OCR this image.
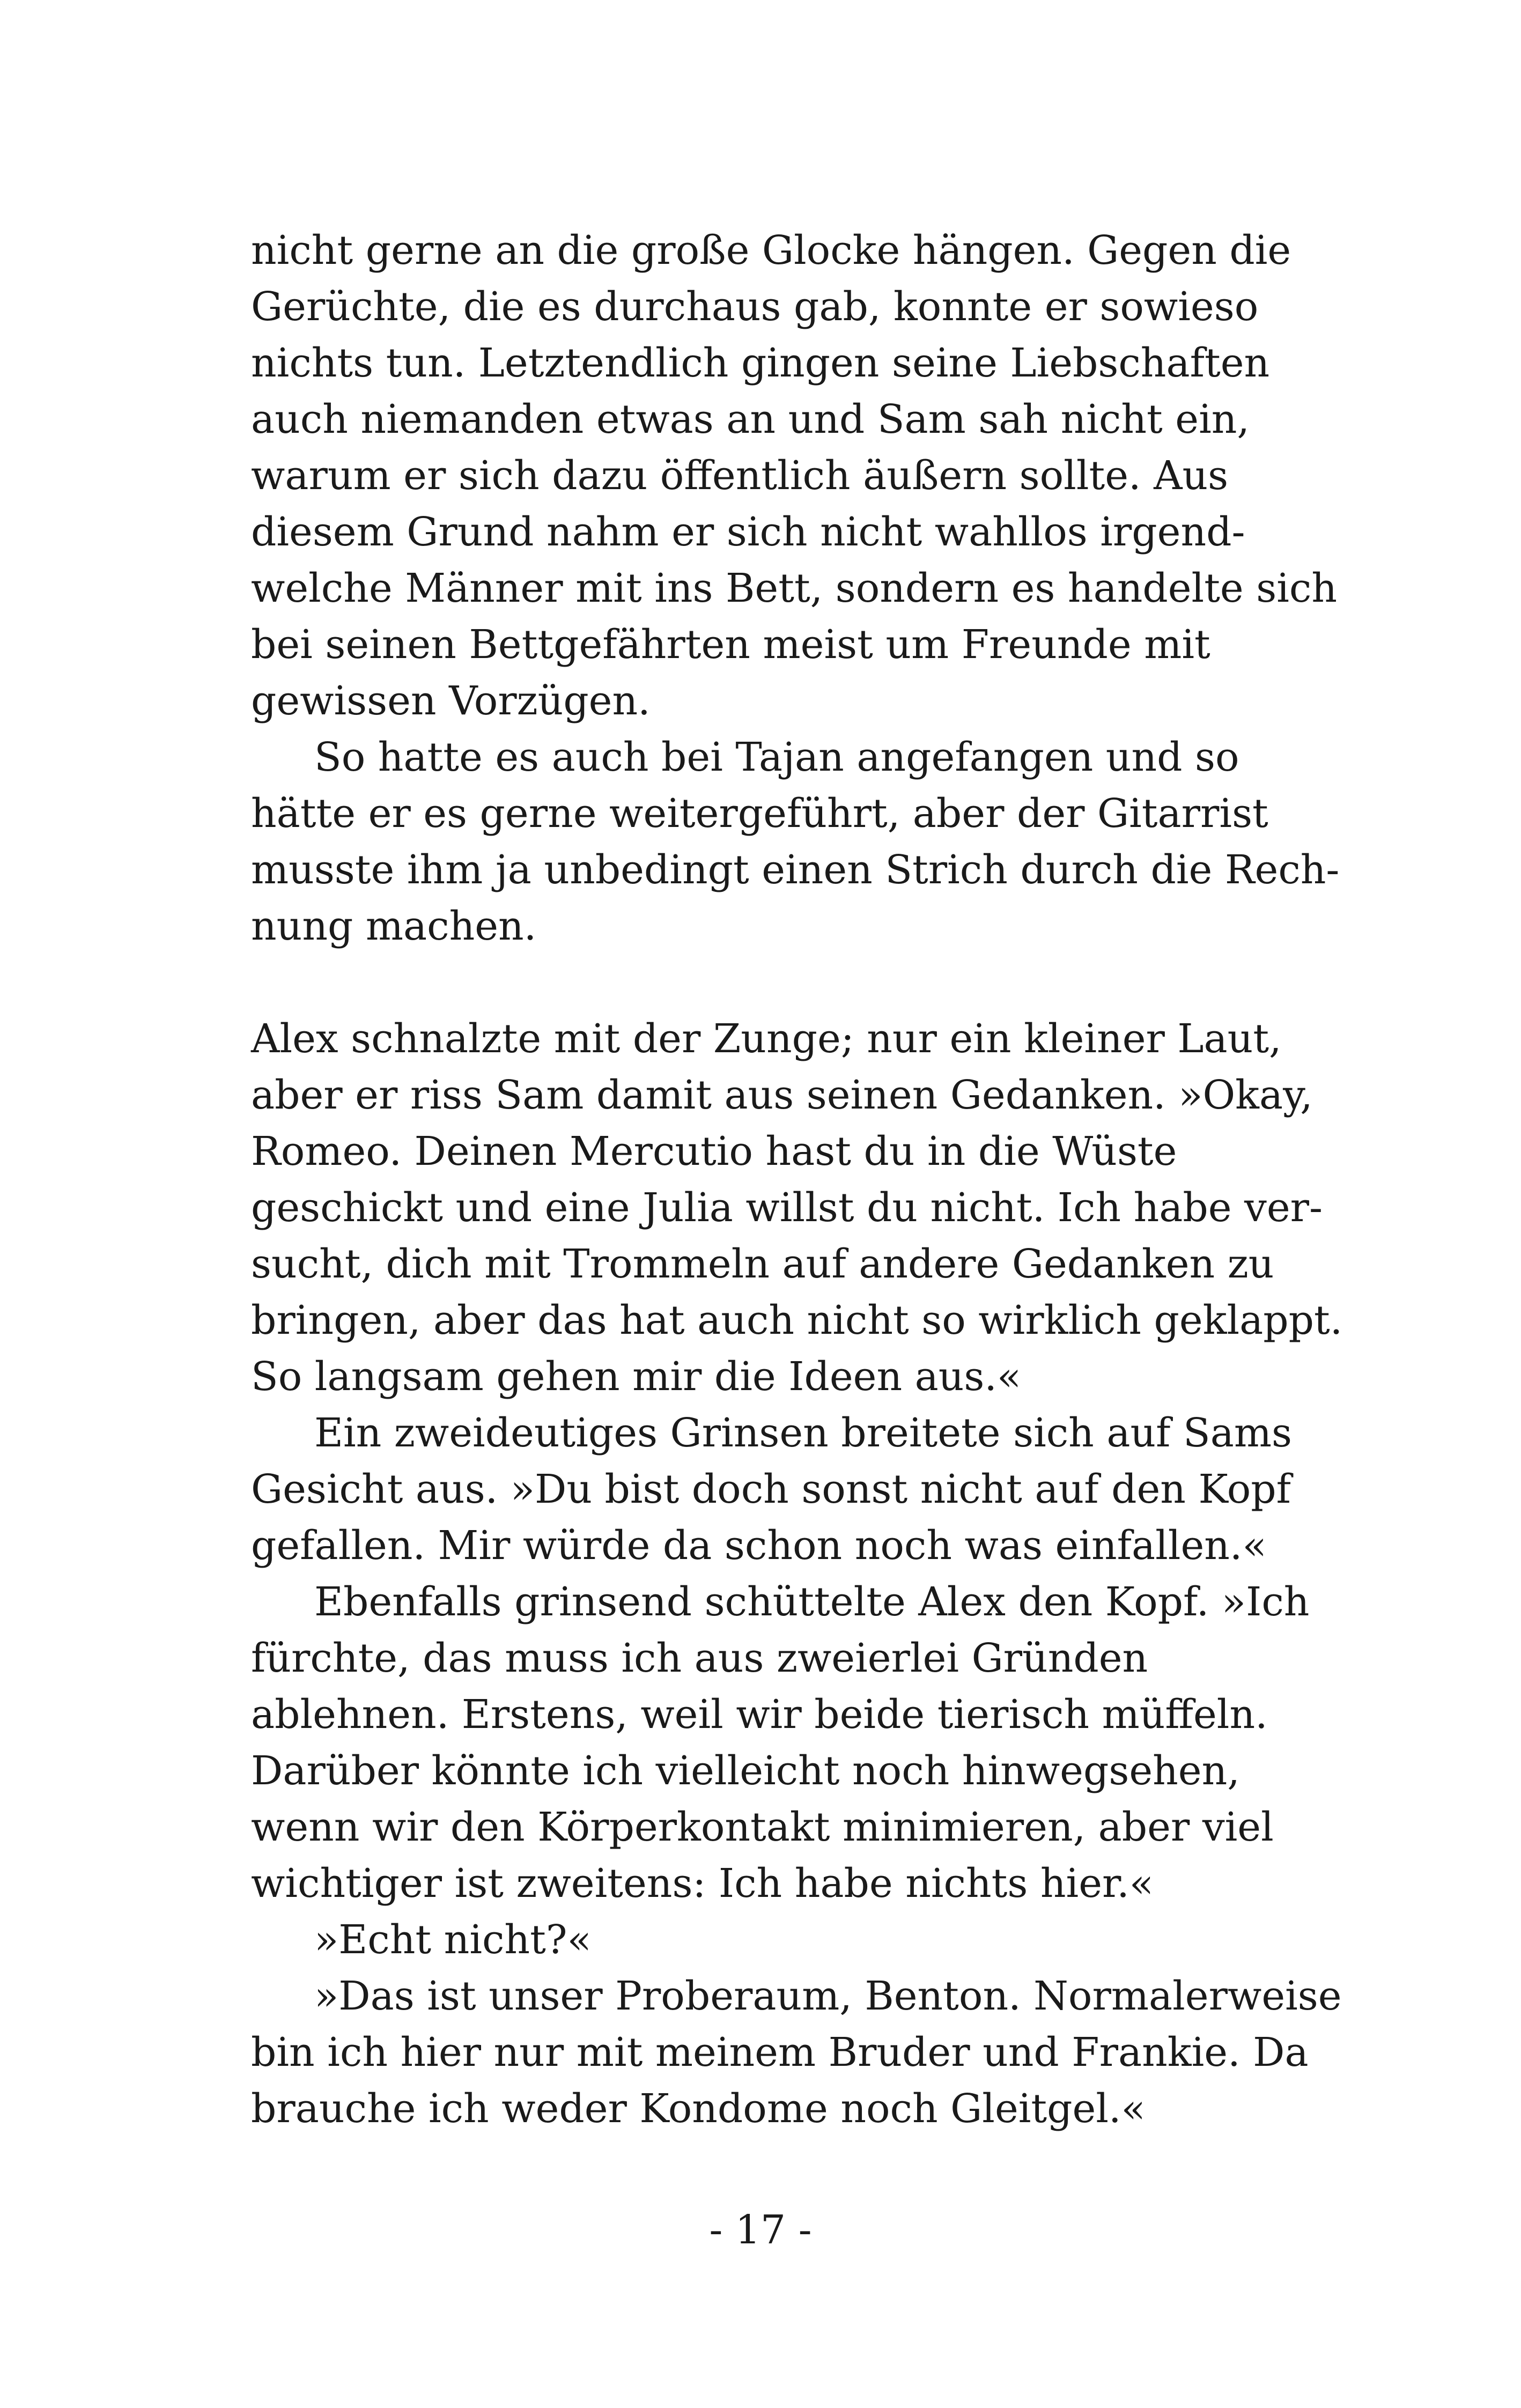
nicht gerne an die große Glocke hängen. Gegen die
Gerüchte, die es durchaus gab, konnte er sowieso
nichts tun. Letztendlich gingen seine Liebschaften
auch niemanden etwas an und Sam sah nicht ein,
warum er sich dazu öffentlich äußern sollte. Aus
diesem Grund nahm er sich nicht wahllos irgend-
welche Männer mit ins Bett, sondern es handelte sich
bei seinen Bettgefährten meist um Freunde mit
gewissen Vorzügen.
So hatte es auch bei Tajan angefangen und so
hätte er es gerne weitergeführt, aber der Gitarrist
musste ihm ja unbedingt einen Strich durch die Rech-
nung machen.
Alex schnalzte mit der Zunge; nur ein kleiner Laut,
aber er riss Sam damit aus seinen Gedanken. »Okay,
Romeo. Deinen Mercutio hast du in die Wüste
geschickt und eine Julia willst du nicht. Ich habe ver-
sucht, dich mit Trommeln auf andere Gedanken zu
bringen, aber das hat auch nicht so wirklich geklappt.
So langsam gehen mir die Ideen aus.«
Ein zweideutiges Grinsen breitete sich auf Sams
Gesicht aus. »Du bist doch sonst nicht auf den Kopf
gefallen. Mir würde da schon noch was einfallen.«
Ebenfalls grinsend schüttelte Alex den Kopf. »Ich
fürchte, das muss ich aus zweierlei Gründen
ablehnen. Erstens, weil wir beide tierisch müffeln.
Darüber könnte ich vielleicht noch hinwegsehen,
wenn wir den Körperkontakt minimieren, aber viel
wichtiger ist zweitens: Ich habe nichts hier.«
»Echt nicht?«
»Das ist unser Proberaum, Benton. Normalerweise
bin ich hier nur mit meinem Bruder und Frankie. Da
brauche ich weder Kondome noch Gleitgel.«
- 17 -
